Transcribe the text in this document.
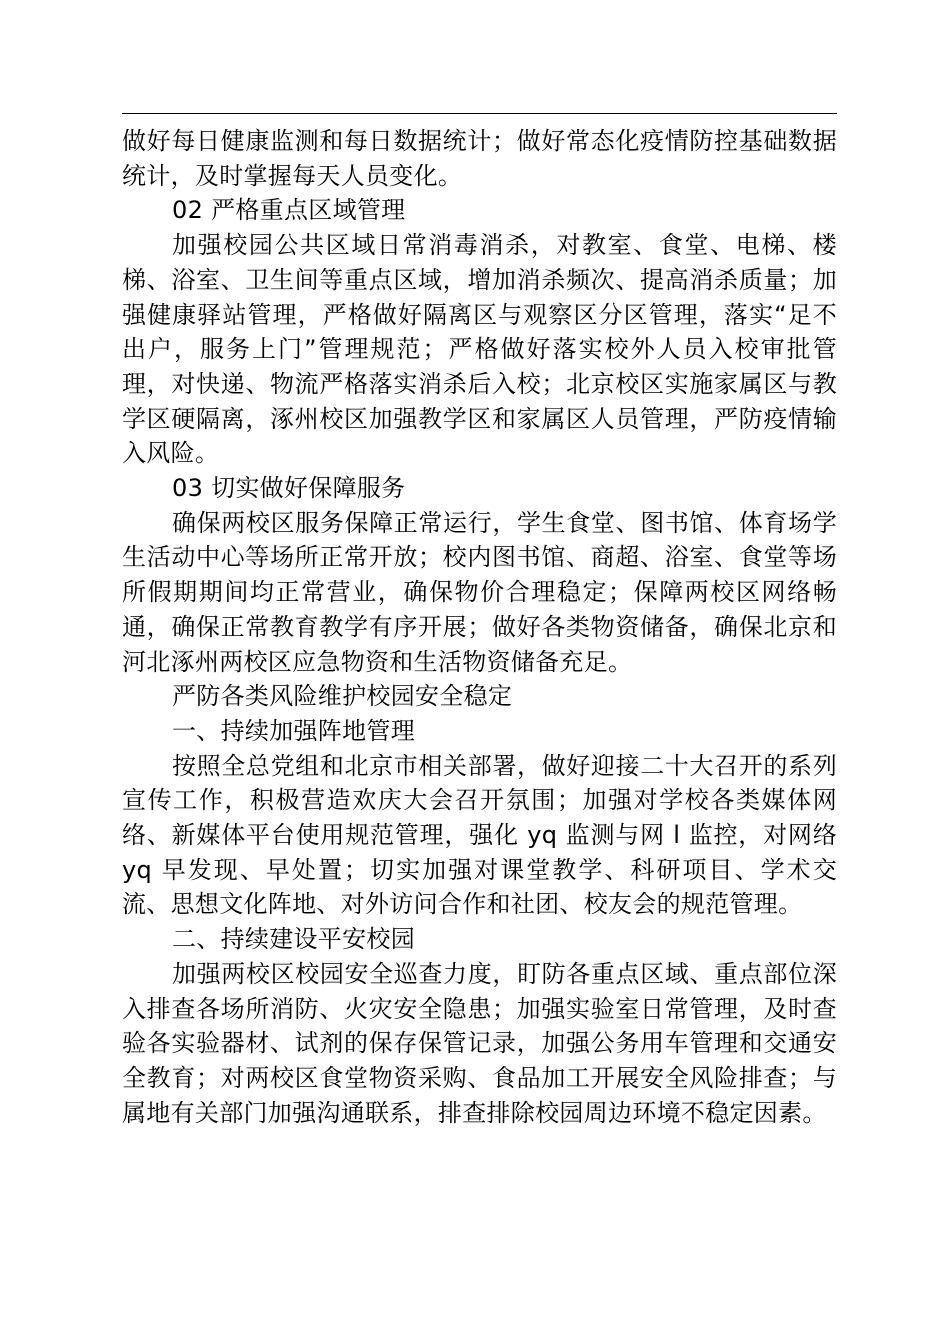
做好每日健康监测和每日数据统计；做好常态化疫情防控基础数据统计，及时掌握每天人员变化。

02 严格重点区域管理

加强校园公共区域日常消毒消杀，对教室、食堂、电梯、楼梯、浴室、卫生间等重点区域，增加消杀频次、提高消杀质量；加强健康驿站管理，严格做好隔离区与观察区分区管理，落实“足不出户，服务上门”管理规范；严格做好落实校外人员入校审批管理，对快递、物流严格落实消杀后入校；北京校区实施家属区与教学区硬隔离，涿州校区加强教学区和家属区人员管理，严防疫情输入风险。

03 切实做好保障服务

确保两校区服务保障正常运行，学生食堂、图书馆、体育场学生活动中心等场所正常开放；校内图书馆、商超、浴室、食堂等场所假期期间均正常营业，确保物价合理稳定；保障两校区网络畅通，确保正常教育教学有序开展；做好各类物资储备，确保北京和河北涿州两校区应急物资和生活物资储备充足。

严防各类风险维护校园安全稳定

一、持续加强阵地管理

按照全总党组和北京市相关部署，做好迎接二十大召开的系列宣传工作，积极营造欢庆大会召开氛围；加强对学校各类媒体网络、新媒体平台使用规范管理，强化 yq 监测与网 l 监控，对网络 yq 早发现、早处置；切实加强对课堂教学、科研项目、学术交流、思想文化阵地、对外访问合作和社团、校友会的规范管理。

二、持续建设平安校园

加强两校区校园安全巡查力度，盯防各重点区域、重点部位深入排查各场所消防、火灾安全隐患；加强实验室日常管理，及时查验各实验器材、试剂的保存保管记录，加强公务用车管理和交通安全教育；对两校区食堂物资采购、食品加工开展安全风险排查；与属地有关部门加强沟通联系，排查排除校园周边环境不稳定因素。
